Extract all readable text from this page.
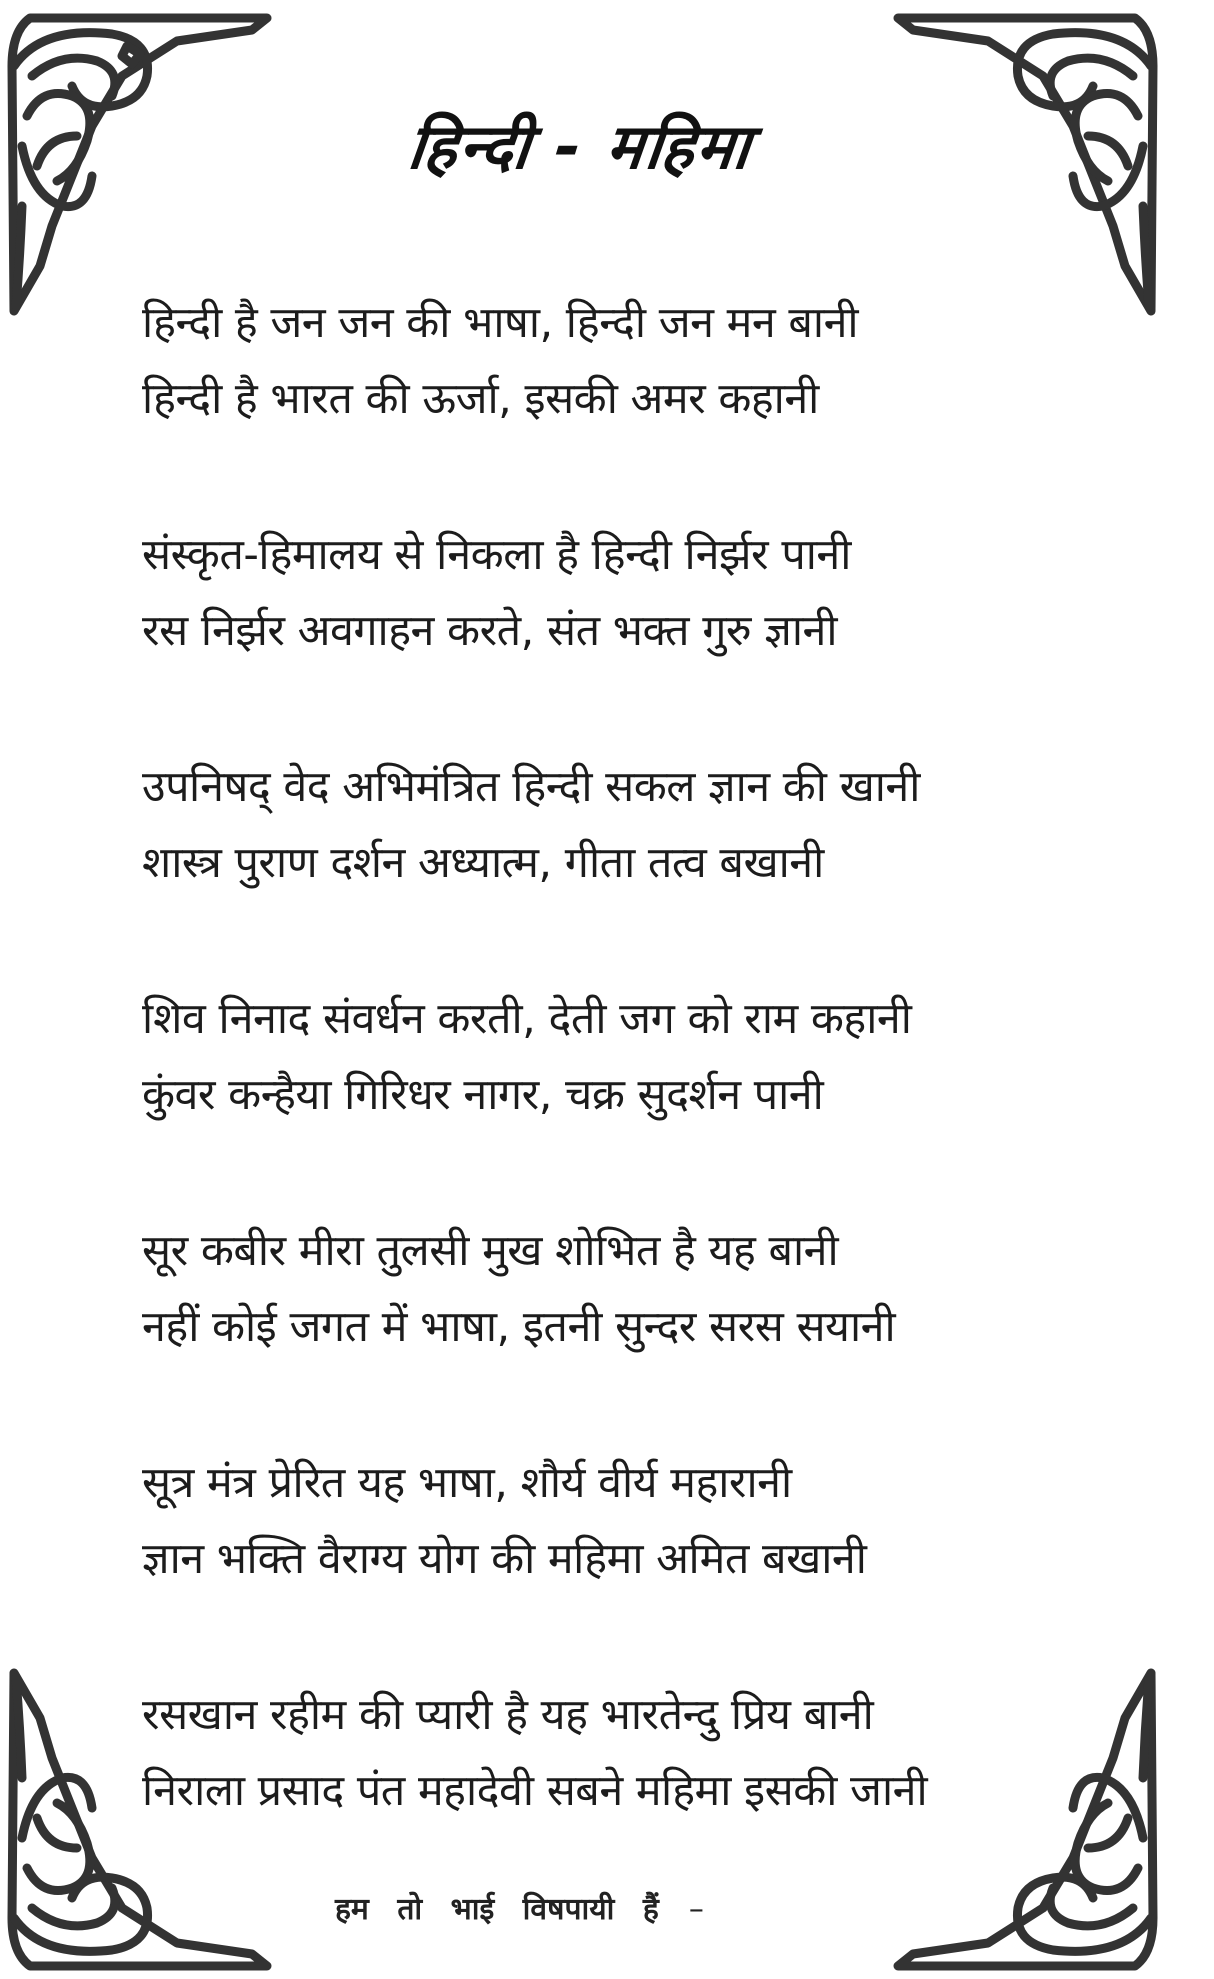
हिन्दी - महिमा
हिन्दी है जन जन की भाषा, हिन्दी जन मन बानी
हिन्दी है भारत की ऊर्जा, इसकी अमर कहानी
संस्कृत-हिमालय से निकला है हिन्दी निर्झर पानी
रस निर्झर अवगाहन करते, संत भक्त गुरु ज्ञानी
उपनिषद् वेद अभिमंत्रित हिन्दी सकल ज्ञान की खानी
शास्त्र पुराण दर्शन अध्यात्म, गीता तत्व बखानी
शिव निनाद संवर्धन करती, देती जग को राम कहानी
कुंवर कन्हैया गिरिधर नागर, चक्र सुदर्शन पानी
सूर कबीर मीरा तुलसी मुख शोभित है यह बानी
नहीं कोई जगत में भाषा, इतनी सुन्दर सरस सयानी
सूत्र मंत्र प्रेरित यह भाषा, शौर्य वीर्य महारानी
ज्ञान भक्ति वैराग्य योग की महिमा अमित बखानी
रसखान रहीम की प्यारी है यह भारतेन्दु प्रिय बानी
निराला प्रसाद पंत महादेवी सबने महिमा इसकी जानी
हम तो भाई विषपायी हैं –
